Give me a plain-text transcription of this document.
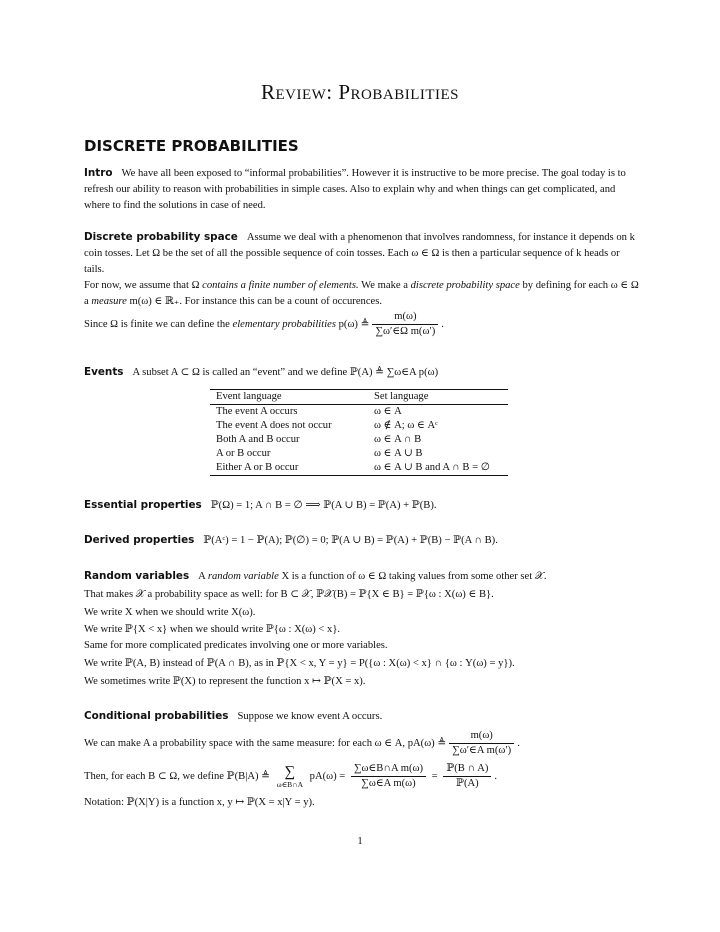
Review: Probabilities
DISCRETE PROBABILITIES
Intro We have all been exposed to “informal probabilities”. However it is instructive to be more precise. The goal today is to refresh our ability to reason with probabilities in simple cases. Also to explain why and when things can get complicated, and where to find the solutions in case of need.
Discrete probability space Assume we deal with a phenomenon that involves randomness, for instance it depends on k coin tosses. Let Ω be the set of all the possible sequence of coin tosses. Each ω ∈ Ω is then a particular sequence of k heads or tails.
For now, we assume that Ω contains a finite number of elements. We make a discrete probability space by defining for each ω ∈ Ω a measure m(ω) ∈ ℝ₊. For instance this can be a count of occurences.
Since Ω is finite we can define the elementary probabilities p(ω) ≜ $\frac{m(\omega)}{\text{∑ω′∈Ω m(ω′)}}$ .
Events A subset A ⊂ Ω is called an “event” and we define ℙ(A) ≜ ∑ω∈A p(ω)
Event language	Set language
The event A occurs	ω ∈ A
The event A does not occur	ω ∉ A; ω ∈ Aᶜ
Both A and B occur	ω ∈ A ∩ B
A or B occur	ω ∈ A ∪ B
Either A or B occur	ω ∈ A ∪ B and A ∩ B = ∅
Essential properties ℙ(Ω) = 1; A ∩ B = ∅ ⟹ ℙ(A ∪ B) = ℙ(A) + ℙ(B).
Derived properties ℙ(Aᶜ) = 1 − ℙ(A); ℙ(∅) = 0; ℙ(A ∪ B) = ℙ(A) + ℙ(B) − ℙ(A ∩ B).
Random variables A random variable X is a function of ω ∈ Ω taking values from some other set 𝒳.
That makes 𝒳 a probability space as well: for B ⊂ 𝒳, ℙ𝒳(B) = ℙ{X ∈ B} = ℙ{ω : X(ω) ∈ B}.
We write X when we should write X(ω).
We write ℙ{X < x} when we should write ℙ{ω : X(ω) < x}.
Same for more complicated predicates involving one or more variables.
We write ℙ(A, B) instead of ℙ(A ∩ B), as in ℙ{X < x, Y = y} = P({ω : X(ω) < x} ∩ {ω : Y(ω) = y}).
We sometimes write ℙ(X) to represent the function x ↦ ℙ(X = x).
Conditional probabilities Suppose we know event A occurs.
We can make A a probability space with the same measure: for each ω ∈ A, pA(ω) ≜ $\frac{m(\omega)}{\text{∑ω′∈A m(ω′)}}$ .
Then, for each B ⊂ Ω, we define ℙ(B|A) ≜ ∑
ω∈B∩A
$pA(\omega) = \frac{\text{∑ω∈B∩A m(ω)}}{\text{∑ω∈A m(ω)}} = \frac{\text{ℙ(B ∩ A)}}{\text{ℙ(A)}}$ .
Notation: ℙ(X|Y) is a function x, y ↦ ℙ(X = x|Y = y).
1
